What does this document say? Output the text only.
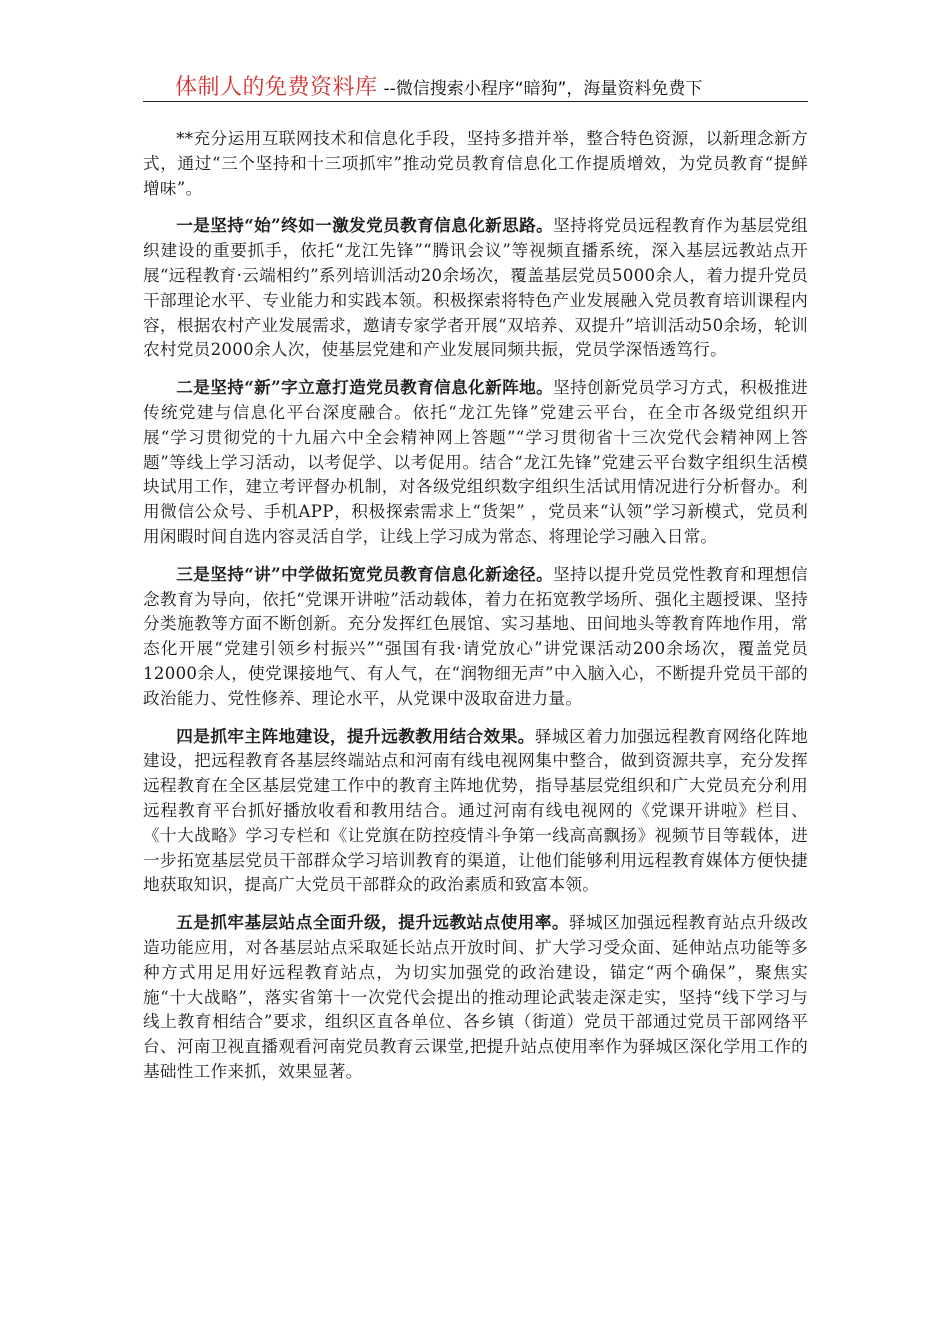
体制人的免费资料库 --微信搜索小程序“暗狗”，海量资料免费下

**充分运用互联网技术和信息化手段，坚持多措并举，整合特色资源，以新理念新方式，通过“三个坚持和十三项抓牢”推动党员教育信息化工作提质增效，为党员教育“提鲜增味”。

一是坚持“始”终如一激发党员教育信息化新思路。坚持将党员远程教育作为基层党组织建设的重要抓手，依托“龙江先锋”“腾讯会议”等视频直播系统，深入基层远教站点开展“远程教育·云端相约”系列培训活动20余场次，覆盖基层党员5000余人，着力提升党员干部理论水平、专业能力和实践本领。积极探索将特色产业发展融入党员教育培训课程内容，根据农村产业发展需求，邀请专家学者开展“双培养、双提升”培训活动50余场，轮训农村党员2000余人次，使基层党建和产业发展同频共振，党员学深悟透笃行。

二是坚持“新”字立意打造党员教育信息化新阵地。坚持创新党员学习方式，积极推进传统党建与信息化平台深度融合。依托“龙江先锋”党建云平台，在全市各级党组织开展“学习贯彻党的十九届六中全会精神网上答题”“学习贯彻省十三次党代会精神网上答题”等线上学习活动，以考促学、以考促用。结合“龙江先锋”党建云平台数字组织生活模块试用工作，建立考评督办机制，对各级党组织数字组织生活试用情况进行分析督办。利用微信公众号、手机APP，积极探索需求上“货架” ，党员来“认领”学习新模式，党员利用闲暇时间自选内容灵活自学，让线上学习成为常态、将理论学习融入日常。

三是坚持“讲”中学做拓宽党员教育信息化新途径。坚持以提升党员党性教育和理想信念教育为导向，依托“党课开讲啦”活动载体，着力在拓宽教学场所、强化主题授课、坚持分类施教等方面不断创新。充分发挥红色展馆、实习基地、田间地头等教育阵地作用，常态化开展“党建引领乡村振兴”“强国有我·请党放心”讲党课活动200余场次，覆盖党员12000余人，使党课接地气、有人气，在“润物细无声”中入脑入心，不断提升党员干部的政治能力、党性修养、理论水平，从党课中汲取奋进力量。

四是抓牢主阵地建设，提升远教教用结合效果。驿城区着力加强远程教育网络化阵地建设，把远程教育各基层终端站点和河南有线电视网集中整合，做到资源共享，充分发挥远程教育在全区基层党建工作中的教育主阵地优势，指导基层党组织和广大党员充分利用远程教育平台抓好播放收看和教用结合。通过河南有线电视网的《党课开讲啦》栏目、《十大战略》学习专栏和《让党旗在防控疫情斗争第一线高高飘扬》视频节目等载体，进一步拓宽基层党员干部群众学习培训教育的渠道，让他们能够利用远程教育媒体方便快捷地获取知识，提高广大党员干部群众的政治素质和致富本领。

五是抓牢基层站点全面升级，提升远教站点使用率。驿城区加强远程教育站点升级改造功能应用，对各基层站点采取延长站点开放时间、扩大学习受众面、延伸站点功能等多种方式用足用好远程教育站点，为切实加强党的政治建设，锚定“两个确保”，聚焦实施“十大战略”，落实省第十一次党代会提出的推动理论武装走深走实，坚持“线下学习与线上教育相结合”要求，组织区直各单位、各乡镇（街道）党员干部通过党员干部网络平台、河南卫视直播观看河南党员教育云课堂,把提升站点使用率作为驿城区深化学用工作的基础性工作来抓，效果显著。
